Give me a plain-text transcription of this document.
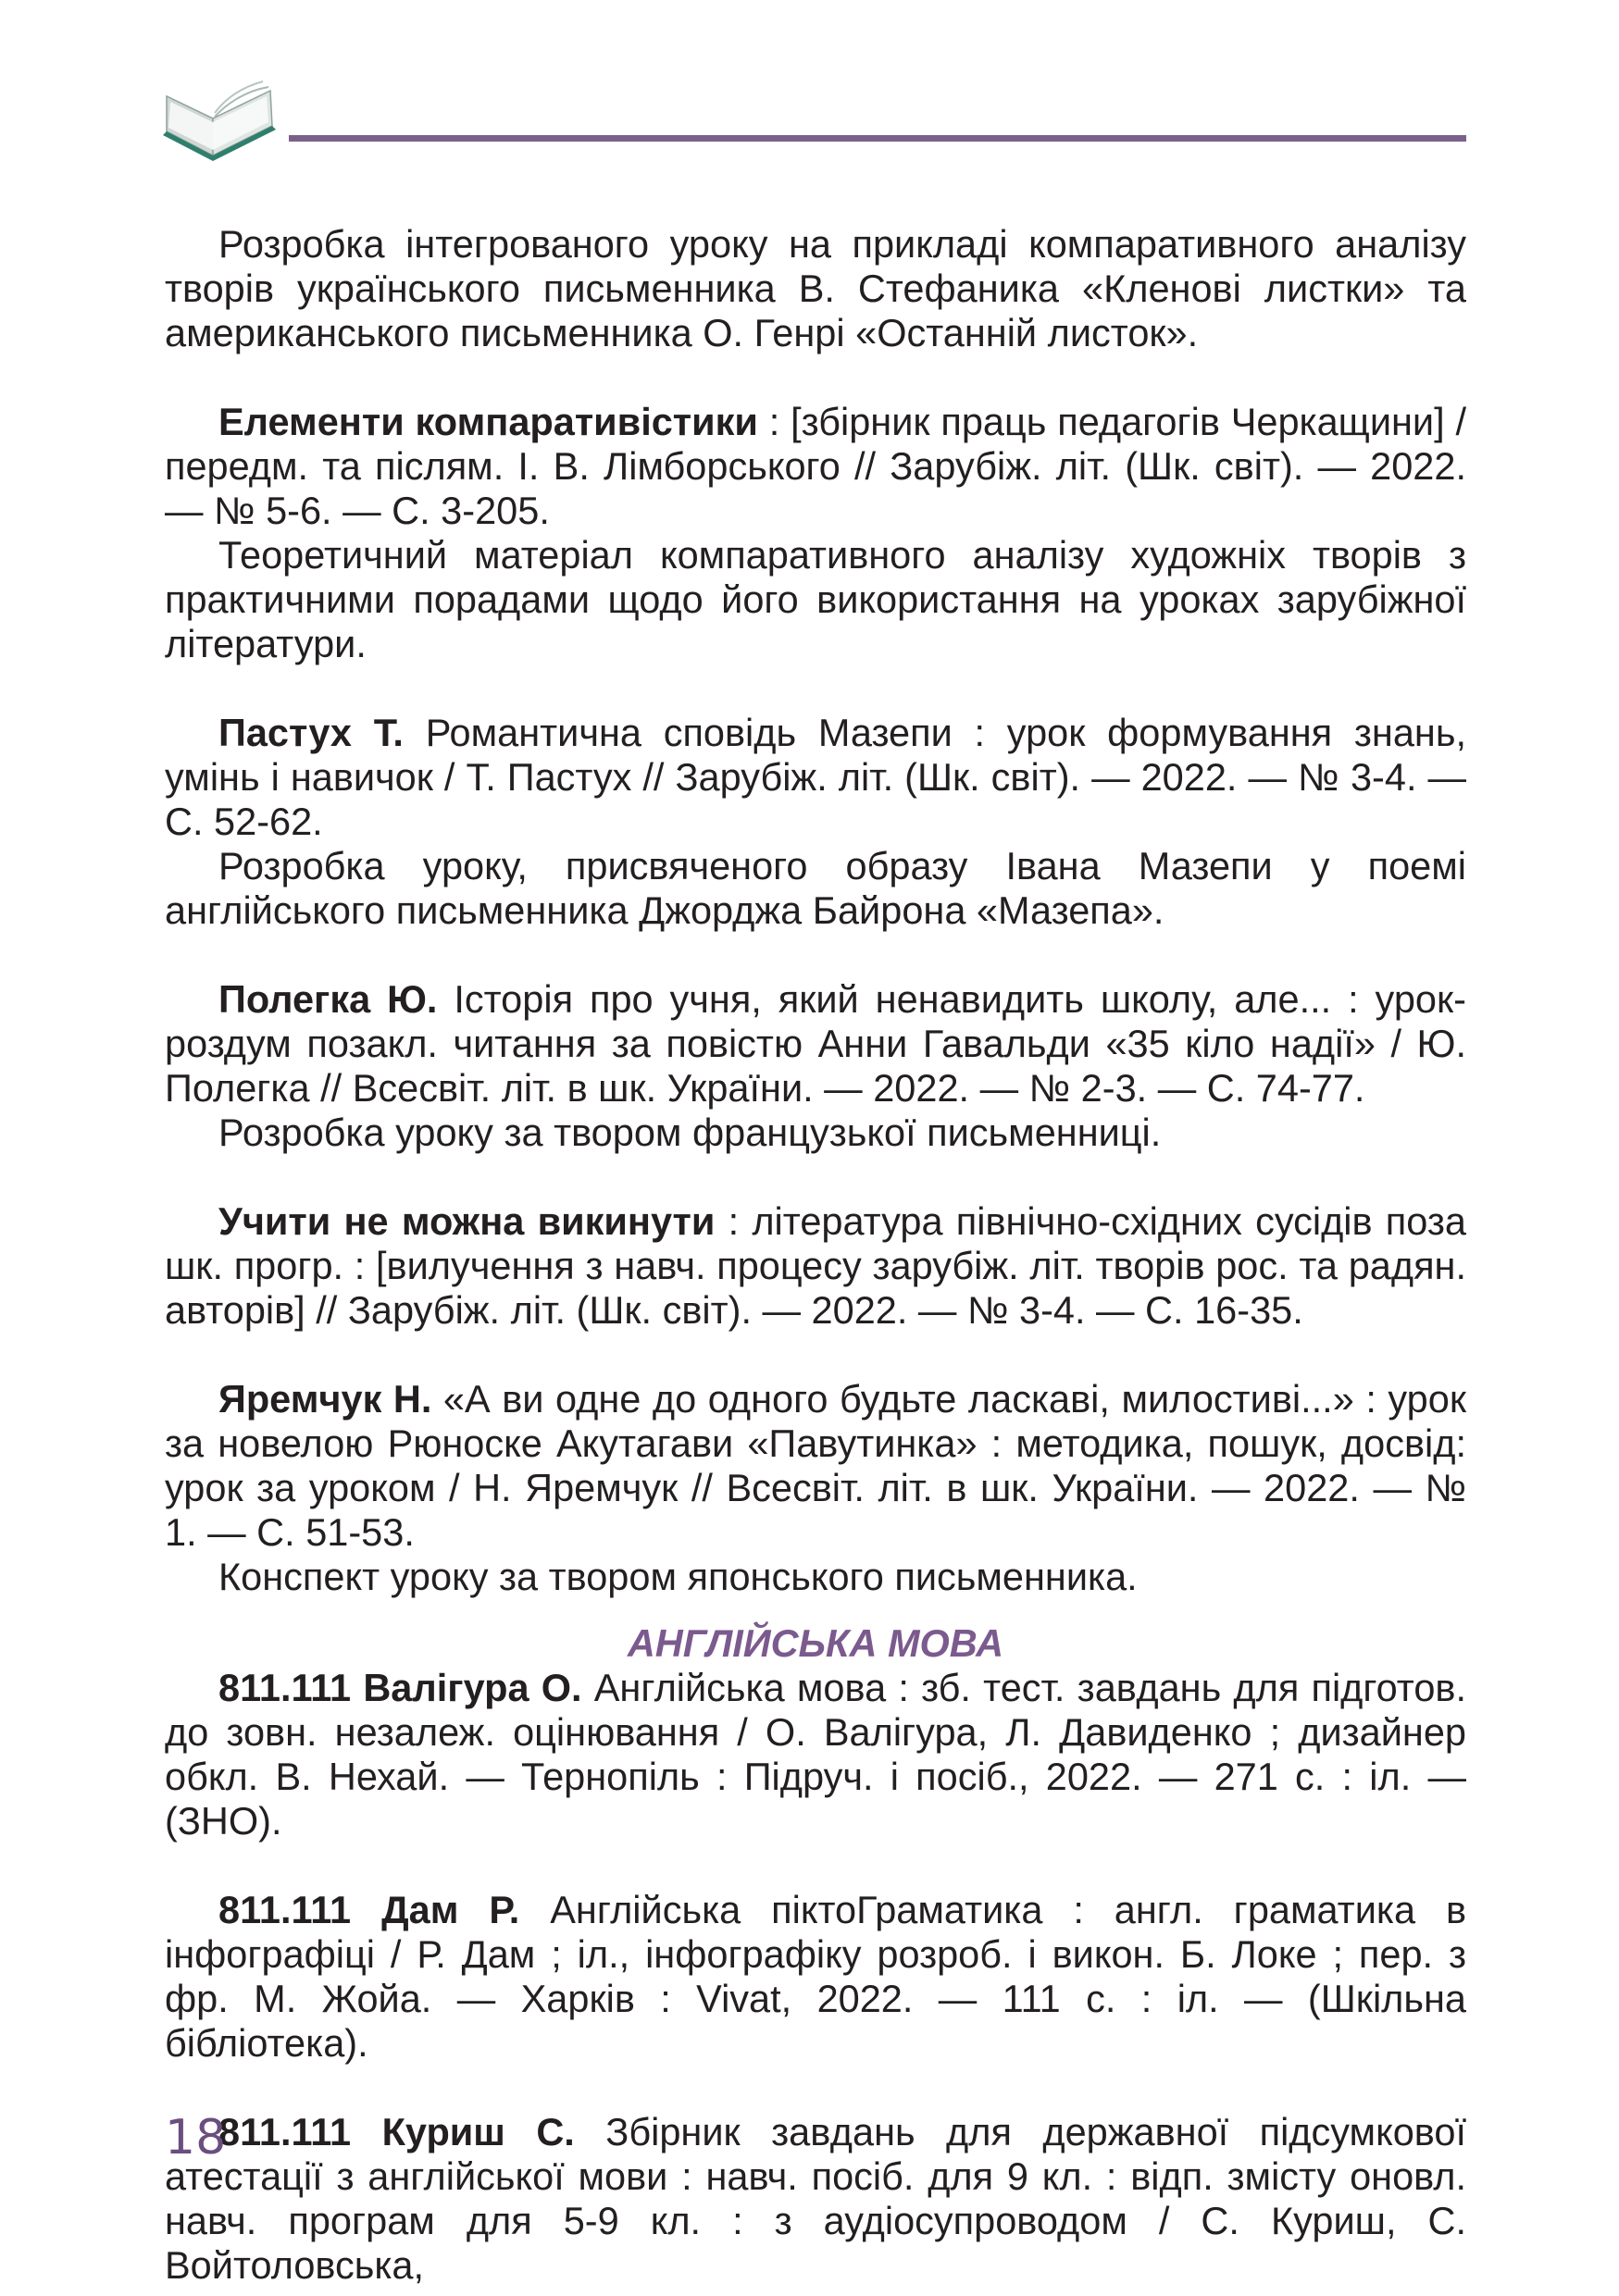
Розробка інтегрованого уроку на прикладі компаративного аналізу творів українського письменника В. Стефаника «Кленові листки» та американського письменника О. Генрі «Останній листок».

Елементи компаративістики : [збірник праць педагогів Черкащини] / передм. та післям. І. В. Лімборського // Зарубіж. літ. (Шк. світ). — 2022. — № 5-6. — С. 3-205.

Теоретичний матеріал компаративного аналізу художніх творів з практичними порадами щодо його використання на уроках зарубіжної літератури.

Пастух Т. Романтична сповідь Мазепи : урок формування знань, умінь і навичок / Т. Пастух // Зарубіж. літ. (Шк. світ). — 2022. — № 3-4. — С. 52-62.

Розробка уроку, присвяченого образу Івана Мазепи у поемі англійського письменника Джорджа Байрона «Мазепа».

Полегка Ю. Історія про учня, який ненавидить школу, але... : урок-роздум позакл. читання за повістю Анни Гавальди «35 кіло надії» / Ю. Полегка // Всесвіт. літ. в шк. України. — 2022. — № 2-3. — С. 74-77.

Розробка уроку за твором французької письменниці.

Учити не можна викинути : література північно-східних сусідів поза шк. прогр. : [вилучення з навч. процесу зарубіж. літ. творів рос. та радян. авторів] // Зарубіж. літ. (Шк. світ). — 2022. — № 3-4. — С. 16-35.

Яремчук Н. «А ви одне до одного будьте ласкаві, милостиві...» : урок за новелою Рюноске Акутагави «Павутинка» : методика, пошук, досвід: урок за уроком / Н. Яремчук // Всесвіт. літ. в шк. України. — 2022. — № 1. — С. 51-53.

Конспект уроку за твором японського письменника.

АНГЛІЙСЬКА МОВА

811.111 Валігура О. Англійська мова : зб. тест. завдань для підготов. до зовн. незалеж. оцінювання / О. Валігура, Л. Давиденко ; дизайнер обкл. В. Нехай. — Тернопіль : Підруч. і посіб., 2022. — 271 с. : іл. — (ЗНО).

811.111 Дам Р. Англійська піктоГраматика : англ. граматика в інфографіці / Р. Дам ; іл., інфографіку розроб. і викон. Б. Локе ; пер. з фр. М. Жойа. — Харків : Vivat, 2022. — 111 с. : іл. — (Шкільна бібліотека).

811.111 Куриш С. Збірник завдань для державної підсумкової атестації з англійської мови : навч. посіб. для 9 кл. : відп. змісту оновл. навч. програм для 5-9 кл. : з аудіосупроводом / С. Куриш, С. Войтоловська,

18
